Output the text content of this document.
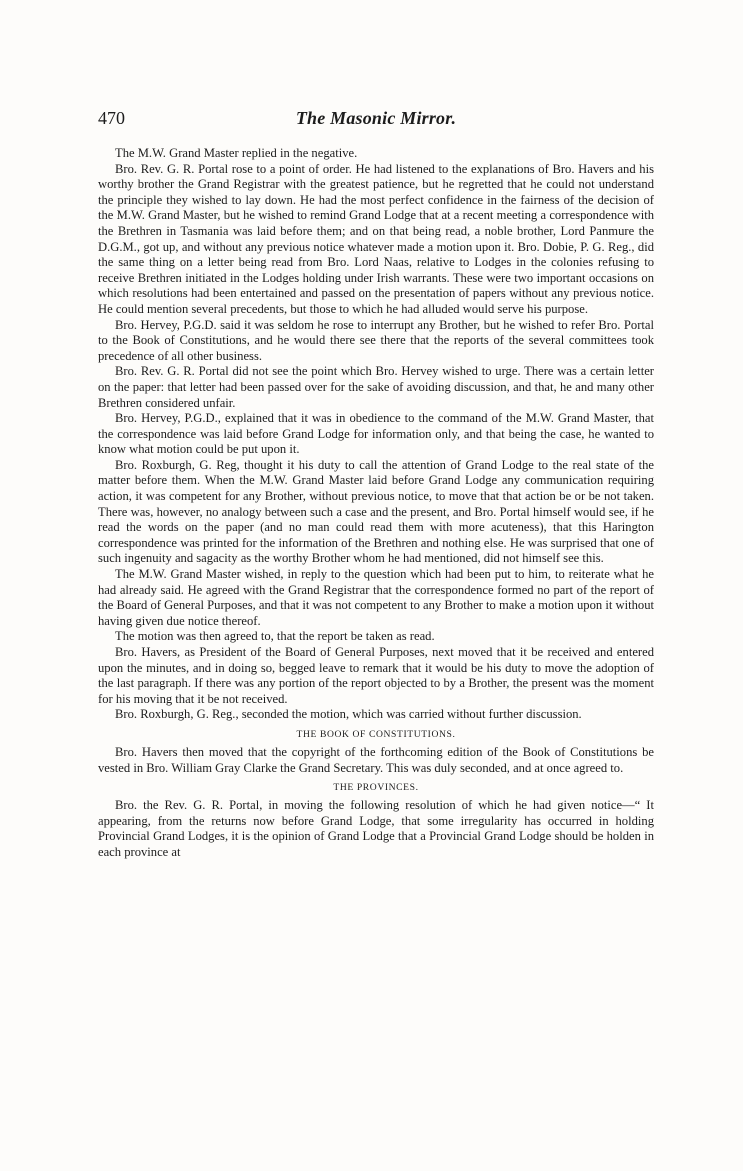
470	The Masonic Mirror.

The M.W. Grand Master replied in the negative.

Bro. Rev. G. R. Portal rose to a point of order. He had listened to the explanations of Bro. Havers and his worthy brother the Grand Registrar with the greatest patience, but he regretted that he could not understand the principle they wished to lay down. He had the most perfect confidence in the fairness of the decision of the M.W. Grand Master, but he wished to remind Grand Lodge that at a recent meeting a correspondence with the Brethren in Tasmania was laid before them; and on that being read, a noble brother, Lord Panmure the D.G.M., got up, and without any previous notice whatever made a motion upon it. Bro. Dobie, P. G. Reg., did the same thing on a letter being read from Bro. Lord Naas, relative to Lodges in the colonies refusing to receive Brethren initiated in the Lodges holding under Irish warrants. These were two important occasions on which resolutions had been entertained and passed on the presentation of papers without any previous notice. He could mention several precedents, but those to which he had alluded would serve his purpose.

Bro. Hervey, P.G.D. said it was seldom he rose to interrupt any Brother, but he wished to refer Bro. Portal to the Book of Constitutions, and he would there see there that the reports of the several committees took precedence of all other business.

Bro. Rev. G. R. Portal did not see the point which Bro. Hervey wished to urge. There was a certain letter on the paper: that letter had been passed over for the sake of avoiding discussion, and that, he and many other Brethren considered unfair.

Bro. Hervey, P.G.D., explained that it was in obedience to the command of the M.W. Grand Master, that the correspondence was laid before Grand Lodge for information only, and that being the case, he wanted to know what motion could be put upon it.

Bro. Roxburgh, G. Reg, thought it his duty to call the attention of Grand Lodge to the real state of the matter before them. When the M.W. Grand Master laid before Grand Lodge any communication requiring action, it was competent for any Brother, without previous notice, to move that that action be or be not taken. There was, however, no analogy between such a case and the present, and Bro. Portal himself would see, if he read the words on the paper (and no man could read them with more acuteness), that this Harington correspondence was printed for the information of the Brethren and nothing else. He was surprised that one of such ingenuity and sagacity as the worthy Brother whom he had mentioned, did not himself see this.

The M.W. Grand Master wished, in reply to the question which had been put to him, to reiterate what he had already said. He agreed with the Grand Registrar that the correspondence formed no part of the report of the Board of General Purposes, and that it was not competent to any Brother to make a motion upon it without having given due notice thereof.

The motion was then agreed to, that the report be taken as read.

Bro. Havers, as President of the Board of General Purposes, next moved that it be received and entered upon the minutes, and in doing so, begged leave to remark that it would be his duty to move the adoption of the last paragraph. If there was any portion of the report objected to by a Brother, the present was the moment for his moving that it be not received.

Bro. Roxburgh, G. Reg., seconded the motion, which was carried without further discussion.

THE BOOK OF CONSTITUTIONS.

Bro. Havers then moved that the copyright of the forthcoming edition of the Book of Constitutions be vested in Bro. William Gray Clarke the Grand Secretary. This was duly seconded, and at once agreed to.

THE PROVINCES.

Bro. the Rev. G. R. Portal, in moving the following resolution of which he had given notice—“ It appearing, from the returns now before Grand Lodge, that some irregularity has occurred in holding Provincial Grand Lodges, it is the opinion of Grand Lodge that a Provincial Grand Lodge should be holden in each province at
